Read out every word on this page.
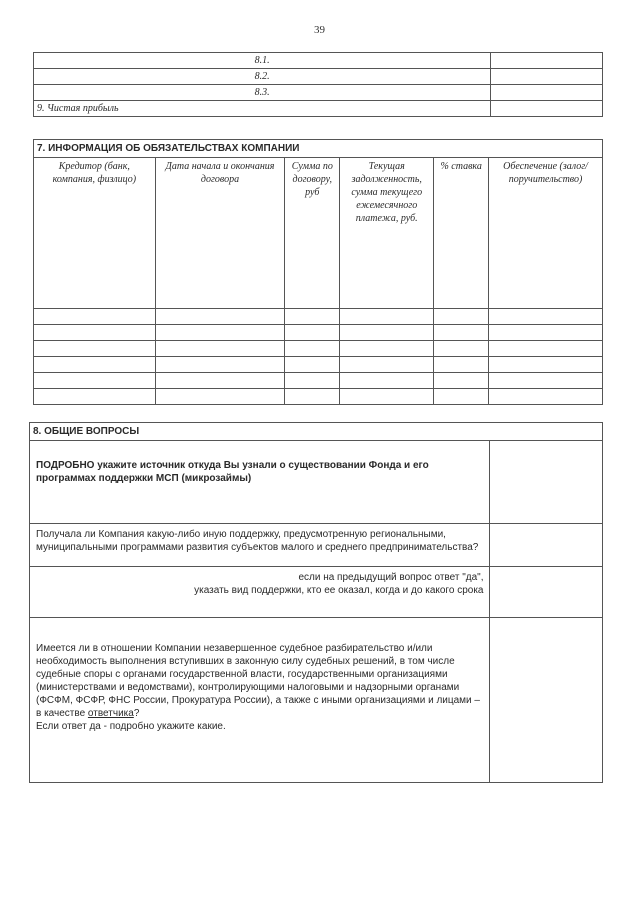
39
8.1.	
8.2.	
8.3.	
9. Чистая прибыль	
7. ИНФОРМАЦИЯ ОБ ОБЯЗАТЕЛЬСТВАХ КОМПАНИИ					
Кредитор (банк, компания, физлицо)	Дата начала и окончания договора	Сумма по договору, руб	Текущая задолженность, сумма текущего ежемесячного платежа, руб.	% ставка	Обеспечение (залог/поручительство)

8. ОБЩИЕ ВОПРОСЫ	
ПОДРОБНО укажите источник откуда Вы узнали о существовании Фонда и его программах поддержки МСП (микрозаймы)	
Получала ли Компания какую-либо иную поддержку, предусмотренную региональными, муниципальными программами развития субъектов малого и среднего предпринимательства?	

если на предыдущий вопрос ответ "да",
указать вид поддержки, кто ее оказал, когда и до какого срока	

Имеется ли в отношении Компании незавершенное судебное разбирательство и/или необходимость выполнения вступивших в законную силу судебных решений, в том числе судебные споры с органами государственной власти, государственными организациями (министерствами и ведомствами), контролирующими налоговыми и надзорными органами (ФСФМ, ФСФР, ФНС России, Прокуратура России), а также с иными организациями и лицами – в качестве ответчика?
Если ответ да - подробно укажите какие.	
